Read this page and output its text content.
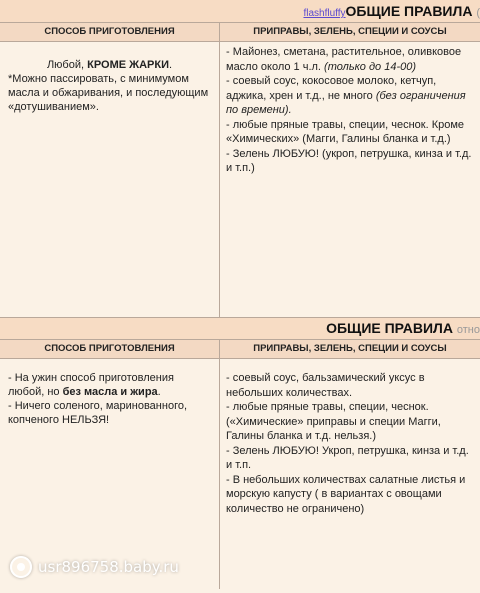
flashfluffyОБЩИЕ ПРАВИЛА (
СПОСОБ ПРИГОТОВЛЕНИЯ	ПРИПРАВЫ, ЗЕЛЕНЬ, СПЕЦИИ И СОУСЫ

Любой, КРОМЕ ЖАРКИ.

*Можно пассировать, с минимумом масла и обжаривания, и последующим «дотушиванием».

- Майонез, сметана, растительное, оливковое масло около 1 ч.л. (только до 14-00)

- соевый соус, кокосовое молоко, кетчуп, аджика, хрен и т.д., не много (без ограничения по времени).

- любые пряные травы, специи, чеснок. Кроме «Химических» (Магги, Галины бланка и т.д.)

- Зелень ЛЮБУЮ! (укроп, петрушка, кинза и т.д. и т.п.)

ОБЩИЕ ПРАВИЛА отно
СПОСОБ ПРИГОТОВЛЕНИЯ	ПРИПРАВЫ, ЗЕЛЕНЬ, СПЕЦИИ И СОУСЫ

- На ужин способ приготовления любой, но без масла и жира.

- Ничего соленого, маринованного, копченого НЕЛЬЗЯ!

- соевый соус, бальзамический уксус в небольших количествах.

- любые пряные травы, специи, чеснок. («Химические» приправы и специи Магги, Галины бланка и т.д. нельзя.)

- Зелень ЛЮБУЮ! Укроп, петрушка, кинза и т.д. и т.п.

- В небольших количествах салатные листья и морскую капусту ( в вариантах с овощами количество не ограничено)

usr896758.baby.ru
